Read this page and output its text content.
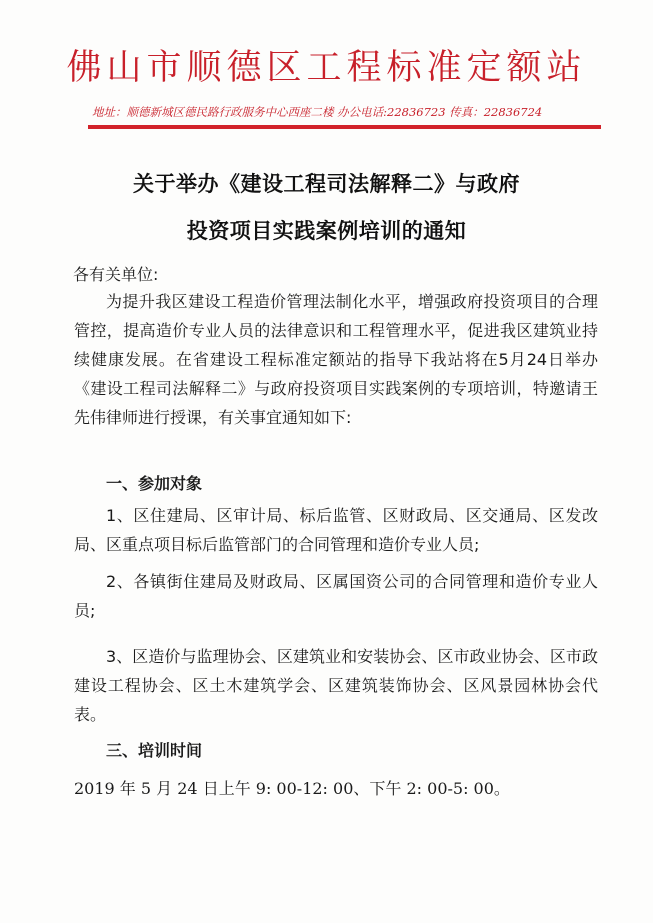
佛山市顺德区工程标准定额站
地址：顺德新城区德民路行政服务中心西座二楼 办公电话:22836723 传真：22836724
关于举办《建设工程司法解释二》与政府
投资项目实践案例培训的通知
各有关单位:
为提升我区建设工程造价管理法制化水平，增强政府投资项目的合理管控，提高造价专业人员的法律意识和工程管理水平，促进我区建筑业持续健康发展。在省建设工程标准定额站的指导下我站将在5月24日举办《建设工程司法解释二》与政府投资项目实践案例的专项培训，特邀请王先伟律师进行授课，有关事宜通知如下:
一、参加对象
1、区住建局、区审计局、标后监管、区财政局、区交通局、区发改局、区重点项目标后监管部门的合同管理和造价专业人员;
2、各镇街住建局及财政局、区属国资公司的合同管理和造价专业人员;
3、区造价与监理协会、区建筑业和安装协会、区市政业协会、区市政建设工程协会、区土木建筑学会、区建筑装饰协会、区风景园林协会代表。
三、培训时间
2019 年 5 月 24 日上午 9: 00-12: 00、下午 2: 00-5: 00。
